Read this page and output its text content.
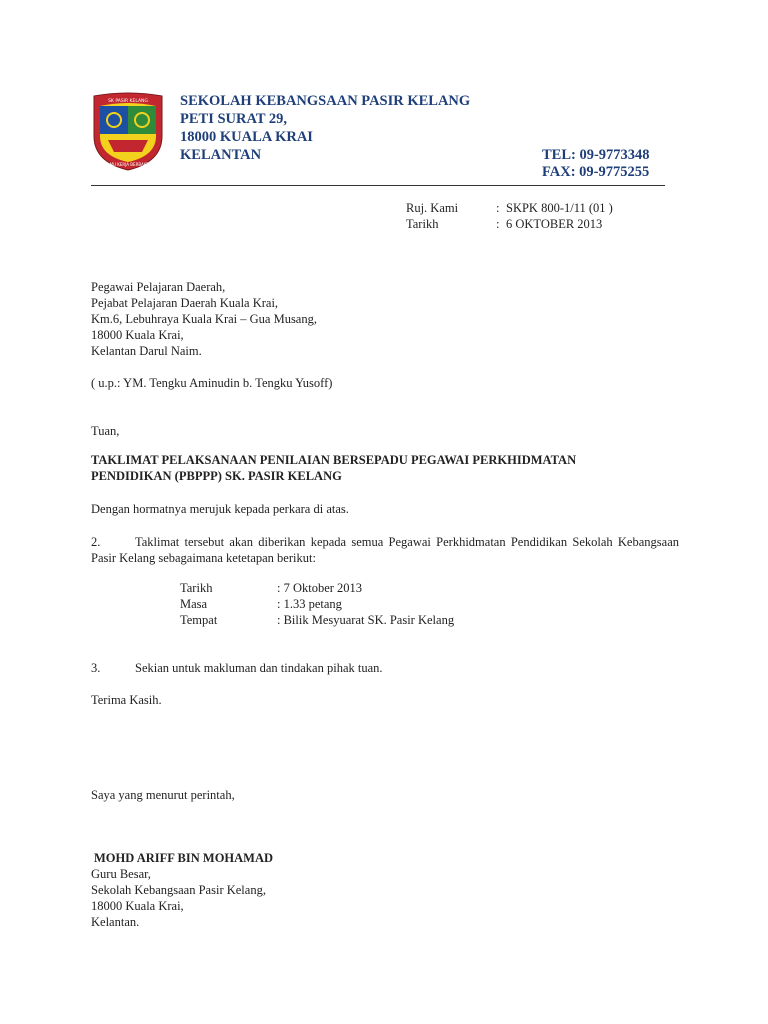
SK PASIR KELANG
ILMU KERJA BERBAKTI
SEKOLAH KEBANGSAAN PASIR KELANG
PETI SURAT 29,
18000 KUALA KRAI
KELANTAN	TEL: 09-9773348
FAX: 09-9775255
Ruj. Kami	: SKPK 800-1/11 (01 )
Tarikh	: 6 OKTOBER 2013
Pegawai Pelajaran Daerah,
Pejabat Pelajaran Daerah Kuala Krai,
Km.6, Lebuhraya Kuala Krai – Gua Musang,
18000 Kuala Krai,
Kelantan Darul Naim.
( u.p.: YM. Tengku Aminudin b. Tengku Yusoff)
Tuan,
TAKLIMAT PELAKSANAAN PENILAIAN BERSEPADU PEGAWAI PERKHIDMATAN
PENDIDIKAN (PBPPP) SK. PASIR KELANG
Dengan hormatnya merujuk kepada perkara di atas.
2.	Taklimat tersebut akan diberikan kepada semua Pegawai Perkhidmatan Pendidikan Sekolah Kebangsaan Pasir Kelang sebagaimana ketetapan berikut:
Tarikh	: 7 Oktober 2013
Masa	: 1.33 petang
Tempat	: Bilik Mesyuarat SK. Pasir Kelang
3.	Sekian untuk makluman dan tindakan pihak tuan.
Terima Kasih.
Saya yang menurut perintah,
MOHD ARIFF BIN MOHAMAD
Guru Besar,
Sekolah Kebangsaan Pasir Kelang,
18000 Kuala Krai,
Kelantan.
